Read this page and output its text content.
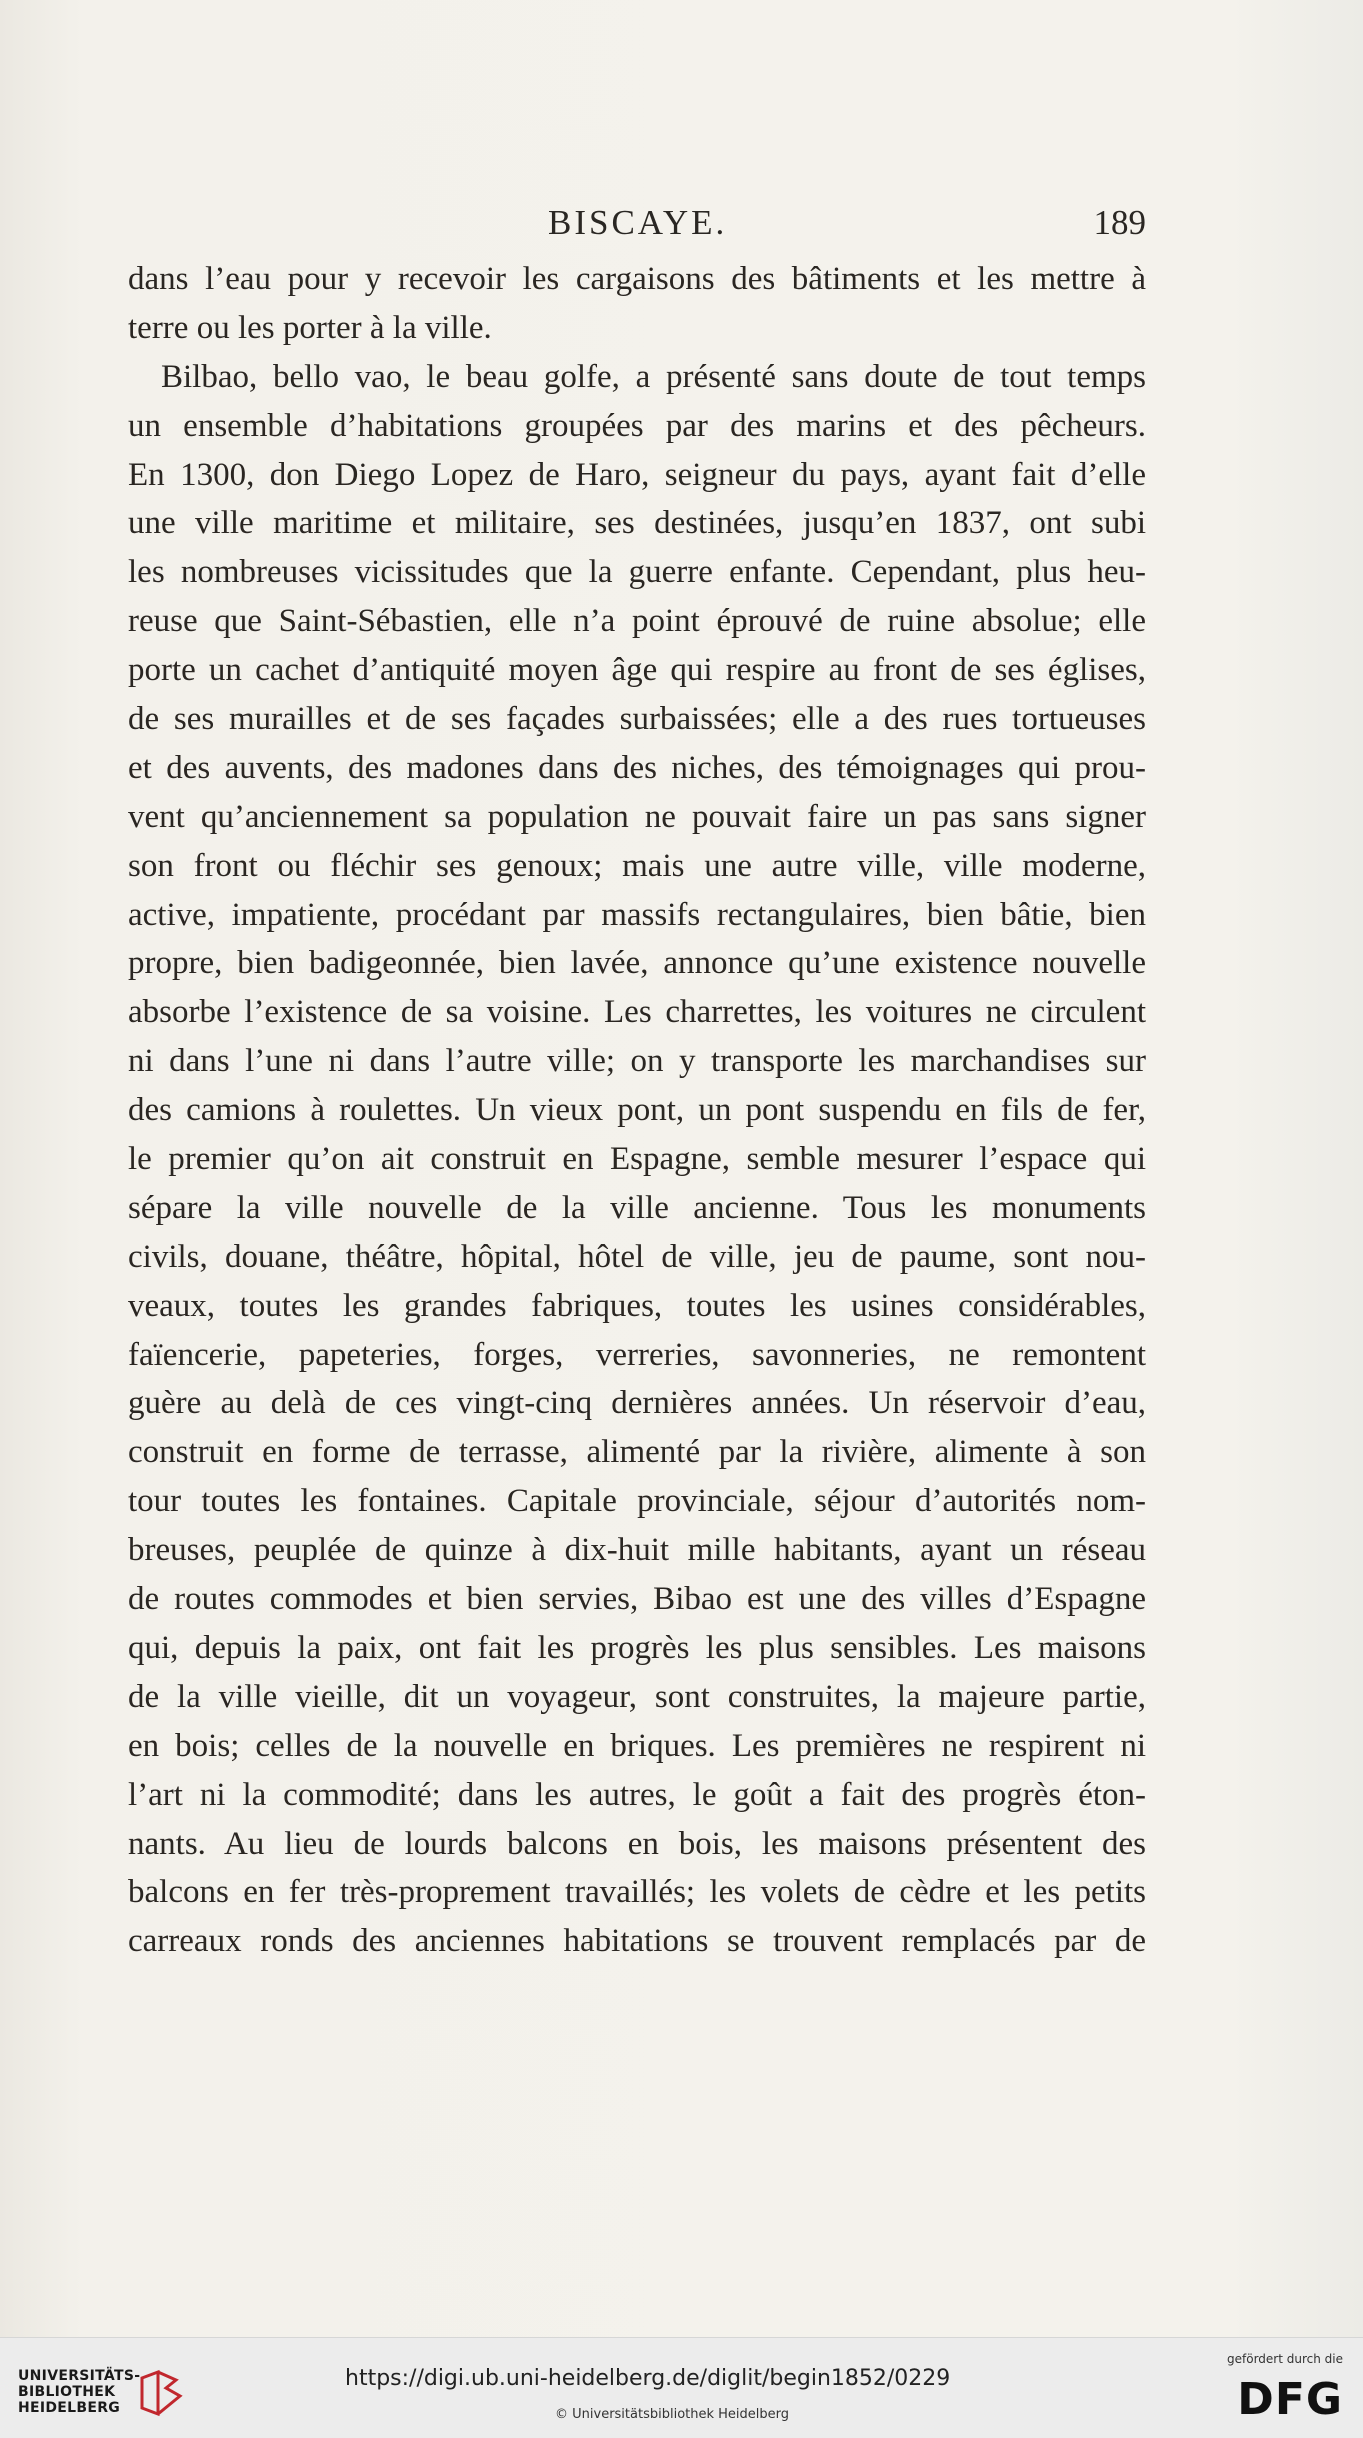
BISCAYE.	189
dans l’eau pour y recevoir les cargaisons des bâtiments et les mettre à
terre ou les porter à la ville.
Bilbao, bello vao, le beau golfe, a présenté sans doute de tout temps
un ensemble d’habitations groupées par des marins et des pêcheurs.
En 1300, don Diego Lopez de Haro, seigneur du pays, ayant fait d’elle
une ville maritime et militaire, ses destinées, jusqu’en 1837, ont subi
les nombreuses vicissitudes que la guerre enfante. Cependant, plus heu-
reuse que Saint-Sébastien, elle n’a point éprouvé de ruine absolue; elle
porte un cachet d’antiquité moyen âge qui respire au front de ses églises,
de ses murailles et de ses façades surbaissées; elle a des rues tortueuses
et des auvents, des madones dans des niches, des témoignages qui prou-
vent qu’anciennement sa population ne pouvait faire un pas sans signer
son front ou fléchir ses genoux; mais une autre ville, ville moderne,
active, impatiente, procédant par massifs rectangulaires, bien bâtie, bien
propre, bien badigeonnée, bien lavée, annonce qu’une existence nouvelle
absorbe l’existence de sa voisine. Les charrettes, les voitures ne circulent
ni dans l’une ni dans l’autre ville; on y transporte les marchandises sur
des camions à roulettes. Un vieux pont, un pont suspendu en fils de fer,
le premier qu’on ait construit en Espagne, semble mesurer l’espace qui
sépare la ville nouvelle de la ville ancienne. Tous les monuments
civils, douane, théâtre, hôpital, hôtel de ville, jeu de paume, sont nou-
veaux, toutes les grandes fabriques, toutes les usines considérables,
faïencerie, papeteries, forges, verreries, savonneries, ne remontent
guère au delà de ces vingt-cinq dernières années. Un réservoir d’eau,
construit en forme de terrasse, alimenté par la rivière, alimente à son
tour toutes les fontaines. Capitale provinciale, séjour d’autorités nom-
breuses, peuplée de quinze à dix-huit mille habitants, ayant un réseau
de routes commodes et bien servies, Bibao est une des villes d’Espagne
qui, depuis la paix, ont fait les progrès les plus sensibles. Les maisons
de la ville vieille, dit un voyageur, sont construites, la majeure partie,
en bois; celles de la nouvelle en briques. Les premières ne respirent ni
l’art ni la commodité; dans les autres, le goût a fait des progrès éton-
nants. Au lieu de lourds balcons en bois, les maisons présentent des
balcons en fer très-proprement travaillés; les volets de cèdre et les petits
carreaux ronds des anciennes habitations se trouvent remplacés par de
UNIVERSITÄTS-
BIBLIOTHEK
HEIDELBERG
https://digi.ub.uni-heidelberg.de/diglit/begin1852/0229
© Universitätsbibliothek Heidelberg
gefördert durch die
DFG
